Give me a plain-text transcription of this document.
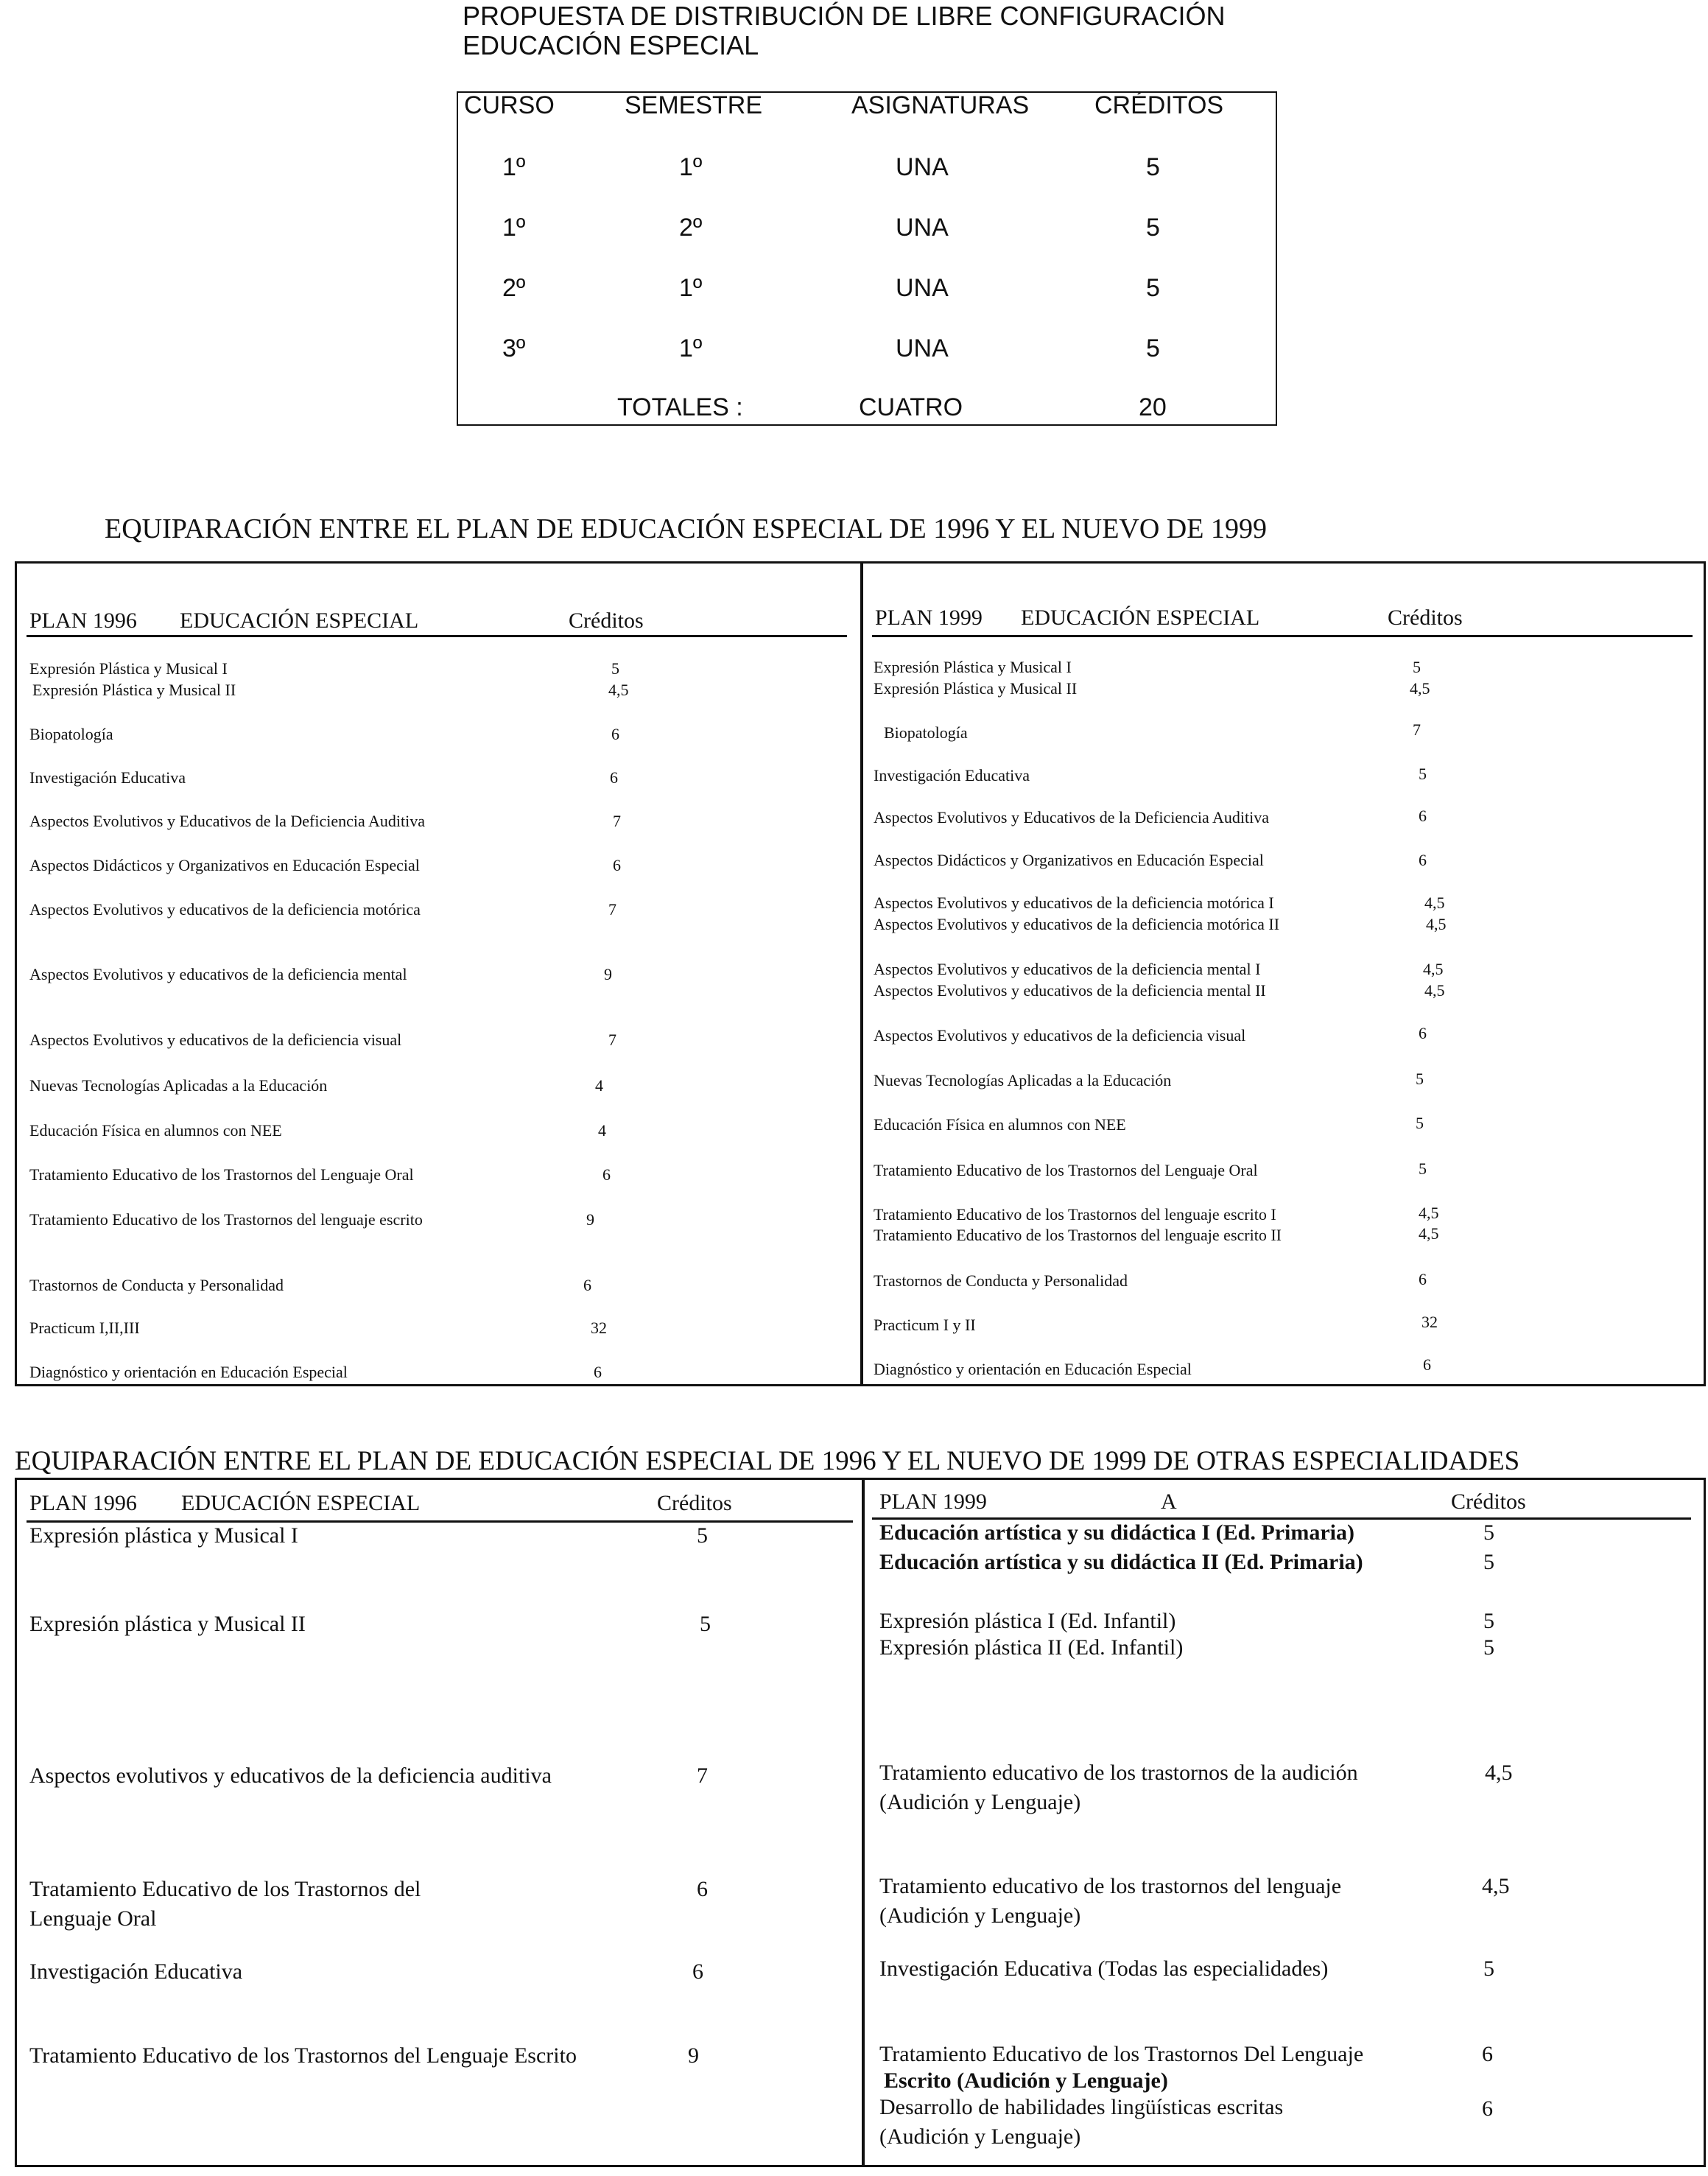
PROPUESTA DE DISTRIBUCIÓN DE LIBRE CONFIGURACIÓN
EDUCACIÓN ESPECIAL
CURSO	SEMESTRE	ASIGNATURAS	CRÉDITOS
1º	1º	UNA	5
1º	2º	UNA	5
2º	1º	UNA	5
3º	1º	UNA	5
TOTALES :	CUATRO	20
EQUIPARACIÓN ENTRE EL PLAN DE EDUCACIÓN ESPECIAL DE 1996 Y EL NUEVO DE 1999
PLAN 1996 EDUCACIÓN ESPECIAL	Créditos	PLAN 1999 EDUCACIÓN ESPECIAL	Créditos
Expresión Plástica y Musical I	5
Expresión Plástica y Musical II	4,5
Biopatología	6
Investigación Educativa	6
Aspectos Evolutivos y Educativos de la Deficiencia Auditiva	7
Aspectos Didácticos y Organizativos en Educación Especial	6
Aspectos Evolutivos y educativos de la deficiencia motórica	7
Aspectos Evolutivos y educativos de la deficiencia mental	9
Aspectos Evolutivos y educativos de la deficiencia visual	7
Nuevas Tecnologías Aplicadas a la Educación	4
Educación Física en alumnos con NEE	4
Tratamiento Educativo de los Trastornos del Lenguaje Oral	6
Tratamiento Educativo de los Trastornos del lenguaje escrito	9
Trastornos de Conducta y Personalidad	6
Practicum I,II,III	32
Diagnóstico y orientación en Educación Especial	6
Expresión Plástica y Musical I	5
Expresión Plástica y Musical II	4,5
Biopatología	7
Investigación Educativa	5
Aspectos Evolutivos y Educativos de la Deficiencia Auditiva	6
Aspectos Didácticos y Organizativos en Educación Especial	6
Aspectos Evolutivos y educativos de la deficiencia motórica I	4,5
Aspectos Evolutivos y educativos de la deficiencia motórica II	4,5
Aspectos Evolutivos y educativos de la deficiencia mental I	4,5
Aspectos Evolutivos y educativos de la deficiencia mental II	4,5
Aspectos Evolutivos y educativos de la deficiencia visual	6
Nuevas Tecnologías Aplicadas a la Educación	5
Educación Física en alumnos con NEE	5
Tratamiento Educativo de los Trastornos del Lenguaje Oral	5
Tratamiento Educativo de los Trastornos del lenguaje escrito I	4,5
Tratamiento Educativo de los Trastornos del lenguaje escrito II	4,5
Trastornos de Conducta y Personalidad	6
Practicum I y II	32
Diagnóstico y orientación en Educación Especial	6
EQUIPARACIÓN ENTRE EL PLAN DE EDUCACIÓN ESPECIAL DE 1996 Y EL NUEVO DE 1999 DE OTRAS ESPECIALIDADES
PLAN 1996 EDUCACIÓN ESPECIAL	Créditos	PLAN 1999	A	Créditos
Expresión plástica y Musical I	5
Expresión plástica y Musical II	5
Aspectos evolutivos y educativos de la deficiencia auditiva	7
Tratamiento Educativo de los Trastornos del	6
Lenguaje Oral
Investigación Educativa	6
Tratamiento Educativo de los Trastornos del Lenguaje Escrito	9
Educación artística y su didáctica I (Ed. Primaria)	5
Educación artística y su didáctica II (Ed. Primaria)	5
Expresión plástica I (Ed. Infantil)	5
Expresión plástica II (Ed. Infantil)	5
Tratamiento educativo de los trastornos de la audición	4,5
(Audición y Lenguaje)
Tratamiento educativo de los trastornos del lenguaje	4,5
(Audición y Lenguaje)
Investigación Educativa (Todas las especialidades)	5
Tratamiento Educativo de los Trastornos Del Lenguaje	6
Escrito (Audición y Lenguaje)
Desarrollo de habilidades lingüísticas escritas	6
(Audición y Lenguaje)
